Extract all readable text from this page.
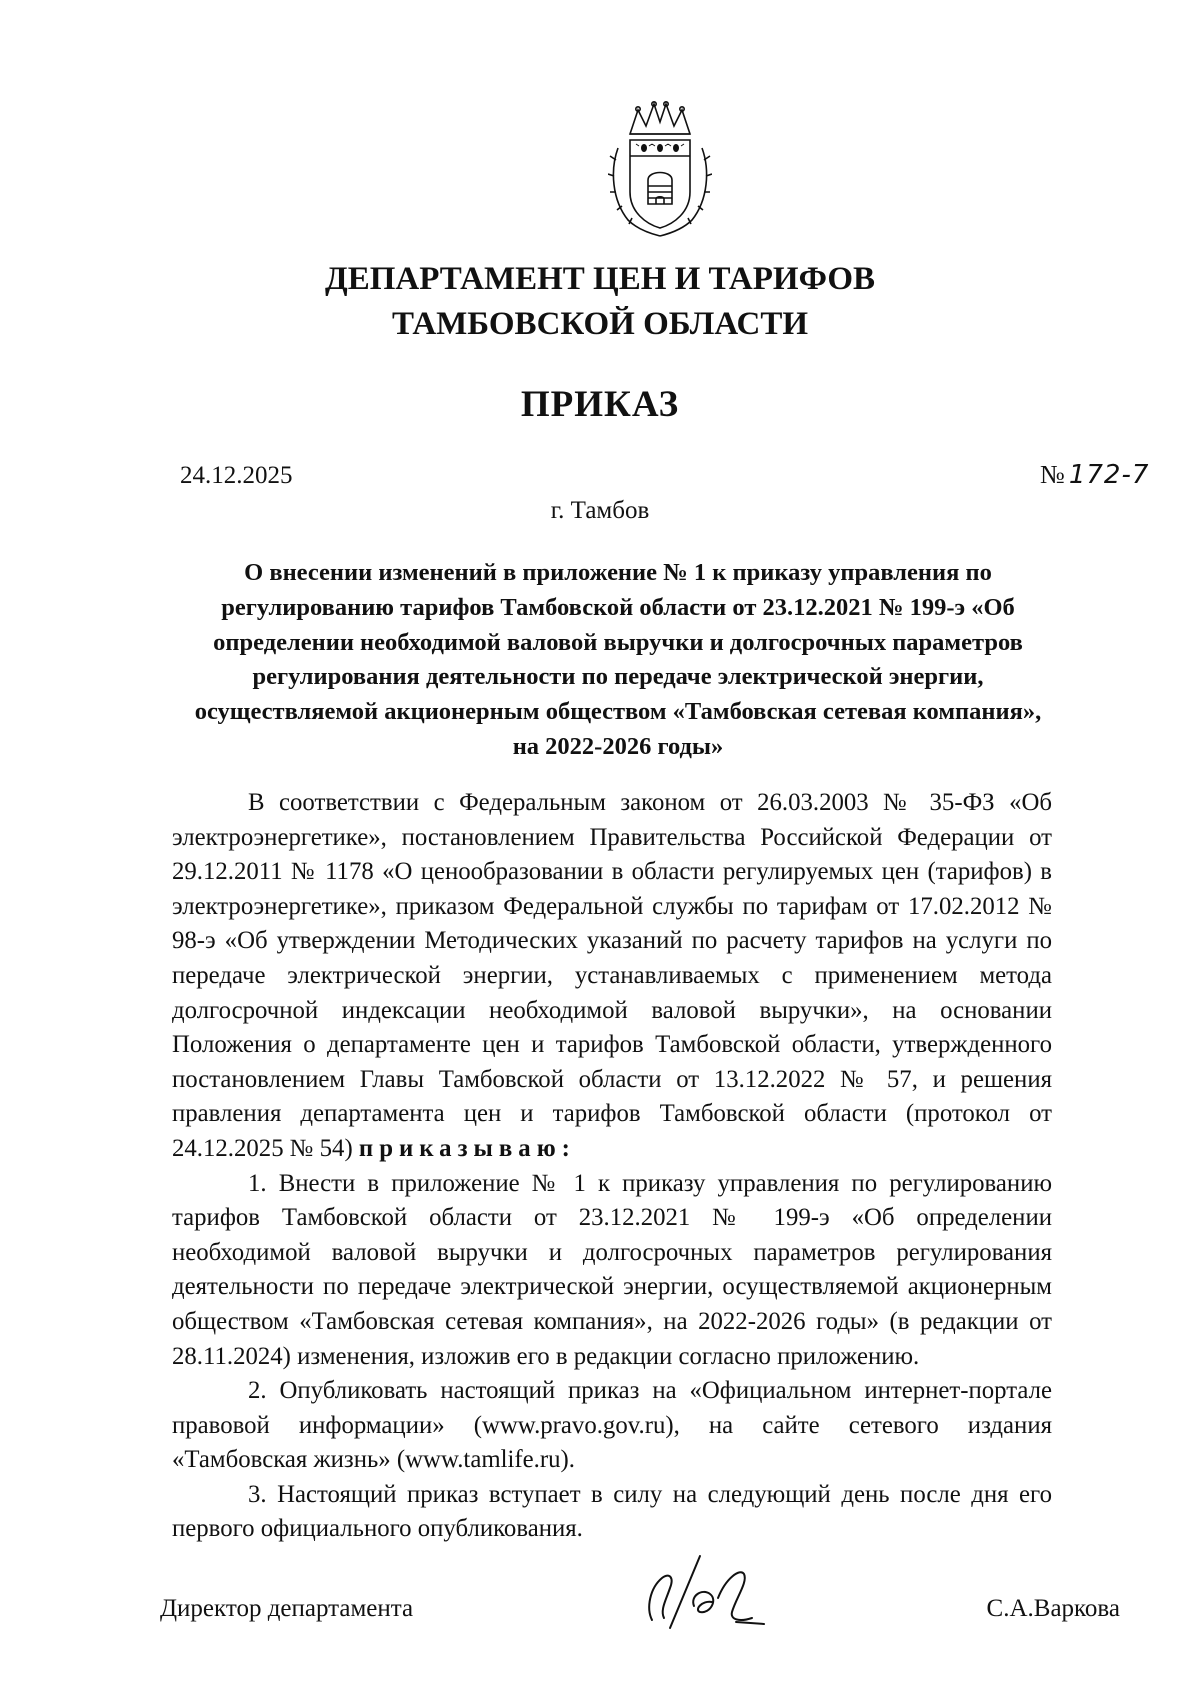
ДЕПАРТАМЕНТ ЦЕН И ТАРИФОВ
ТАМБОВСКОЙ ОБЛАСТИ
ПРИКАЗ
24.12.2025	№ 172-7
г. Тамбов
О внесении изменений в приложение № 1 к приказу управления по регулированию тарифов Тамбовской области от 23.12.2021 № 199-э «Об определении необходимой валовой выручки и долгосрочных параметров регулирования деятельности по передаче электрической энергии, осуществляемой акционерным обществом «Тамбовская сетевая компания», на 2022-2026 годы»

В соответствии с Федеральным законом от 26.03.2003 № 35-ФЗ «Об электроэнергетике», постановлением Правительства Российской Федерации от 29.12.2011 № 1178 «О ценообразовании в области регулируемых цен (тарифов) в электроэнергетике», приказом Федеральной службы по тарифам от 17.02.2012 № 98-э «Об утверждении Методических указаний по расчету тарифов на услуги по передаче электрической энергии, устанавливаемых с применением метода долгосрочной индексации необходимой валовой выручки», на основании Положения о департаменте цен и тарифов Тамбовской области, утвержденного постановлением Главы Тамбовской области от 13.12.2022 № 57, и решения правления департамента цен и тарифов Тамбовской области (протокол от 24.12.2025 № 54) приказываю:

1. Внести в приложение № 1 к приказу управления по регулированию тарифов Тамбовской области от 23.12.2021 № 199-э «Об определении необходимой валовой выручки и долгосрочных параметров регулирования деятельности по передаче электрической энергии, осуществляемой акционерным обществом «Тамбовская сетевая компания», на 2022-2026 годы» (в редакции от 28.11.2024) изменения, изложив его в редакции согласно приложению.

2. Опубликовать настоящий приказ на «Официальном интернет-портале правовой информации» (www.pravo.gov.ru), на сайте сетевого издания «Тамбовская жизнь» (www.tamlife.ru).

3. Настоящий приказ вступает в силу на следующий день после дня его первого официального опубликования.

Директор департамента	С.А.Варкова
